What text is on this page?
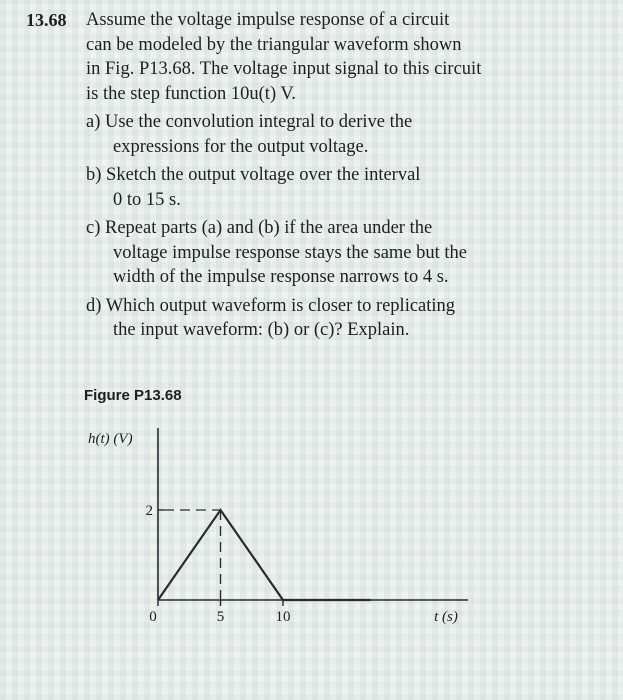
13.68 Assume the voltage impulse response of a circuit
can be modeled by the triangular waveform shown
in Fig. P13.68. The voltage input signal to this circuit
is the step function 10u(t) V.
a) Use the convolution integral to derive the
expressions for the output voltage.
b) Sketch the output voltage over the interval
0 to 15 s.
c) Repeat parts (a) and (b) if the area under the
voltage impulse response stays the same but the
width of the impulse response narrows to 4 s.
d) Which output waveform is closer to replicating
the input waveform: (b) or (c)? Explain.
Figure P13.68
h(t) (V)
2
0	5	10	t (s)
